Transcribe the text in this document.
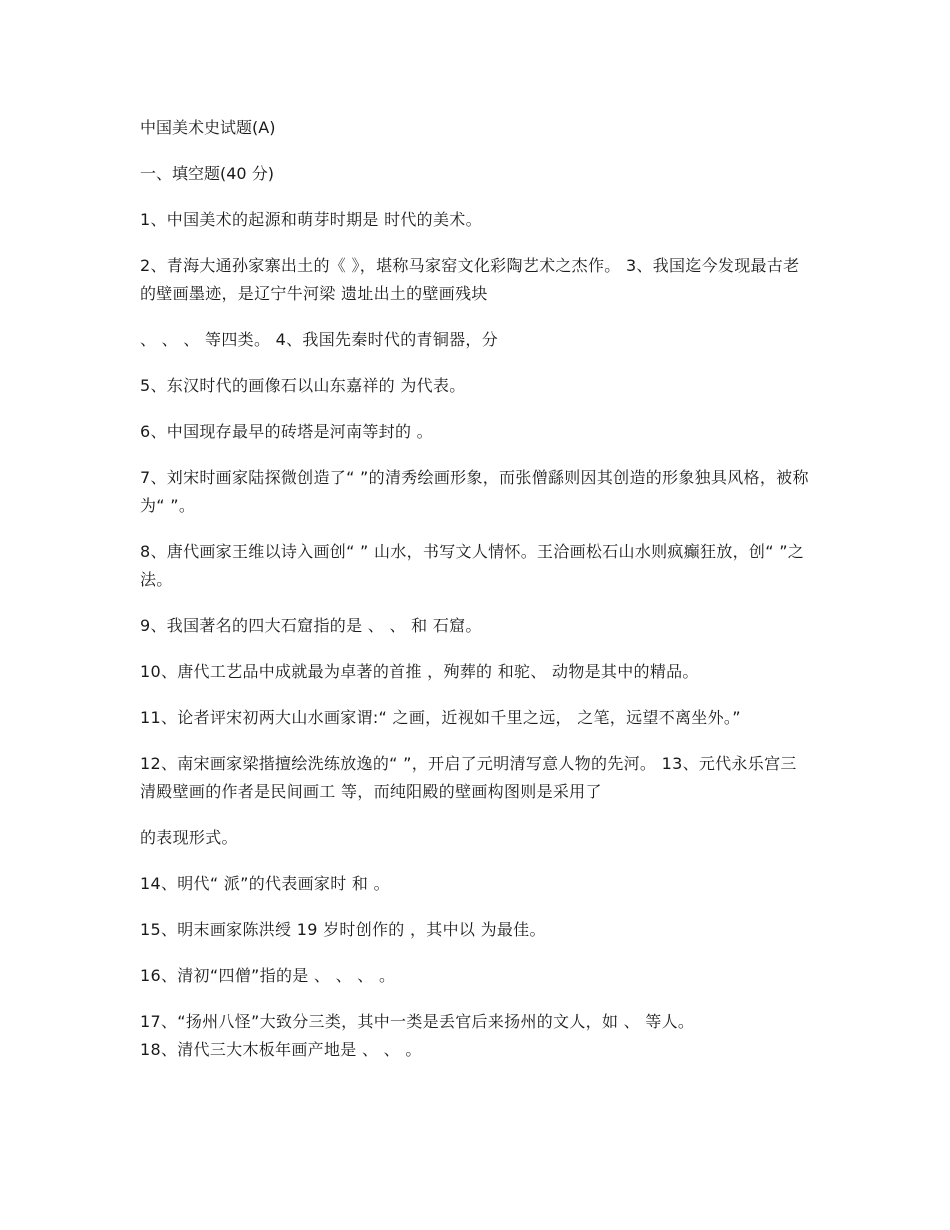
中国美术史试题(A)
一、填空题(40 分)
1、中国美术的起源和萌芽时期是 时代的美术。
2、青海大通孙家寨出土的《 》，堪称马家窑文化彩陶艺术之杰作。 3、我国迄今发现最古老的壁画墨迹，是辽宁牛河梁 遗址出土的壁画残块
、 、 、 等四类。 4、我国先秦时代的青铜器，分
5、东汉时代的画像石以山东嘉祥的 为代表。
6、中国现存最早的砖塔是河南等封的 。
7、刘宋时画家陆探微创造了“ ”的清秀绘画形象，而张僧繇则因其创造的形象独具风格，被称为“ ”。
8、唐代画家王维以诗入画创“ ” 山水，书写文人情怀。王洽画松石山水则疯癫狂放，创“ ”之法。
9、我国著名的四大石窟指的是 、 、 和 石窟。
10、唐代工艺品中成就最为卓著的首推 ，殉葬的 和驼、 动物是其中的精品。
11、论者评宋初两大山水画家谓:“ 之画，近视如千里之远， 之笔，远望不离坐外。”
12、南宋画家梁揩擅绘洗练放逸的“ ”，开启了元明清写意人物的先河。 13、元代永乐宫三清殿壁画的作者是民间画工 等，而纯阳殿的壁画构图则是采用了
的表现形式。
14、明代“ 派”的代表画家时 和 。
15、明末画家陈洪绶 19 岁时创作的 ，其中以 为最佳。
16、清初“四僧”指的是 、 、 、 。
17、“扬州八怪”大致分三类，其中一类是丢官后来扬州的文人，如 、 等人。
18、清代三大木板年画产地是 、 、 。
